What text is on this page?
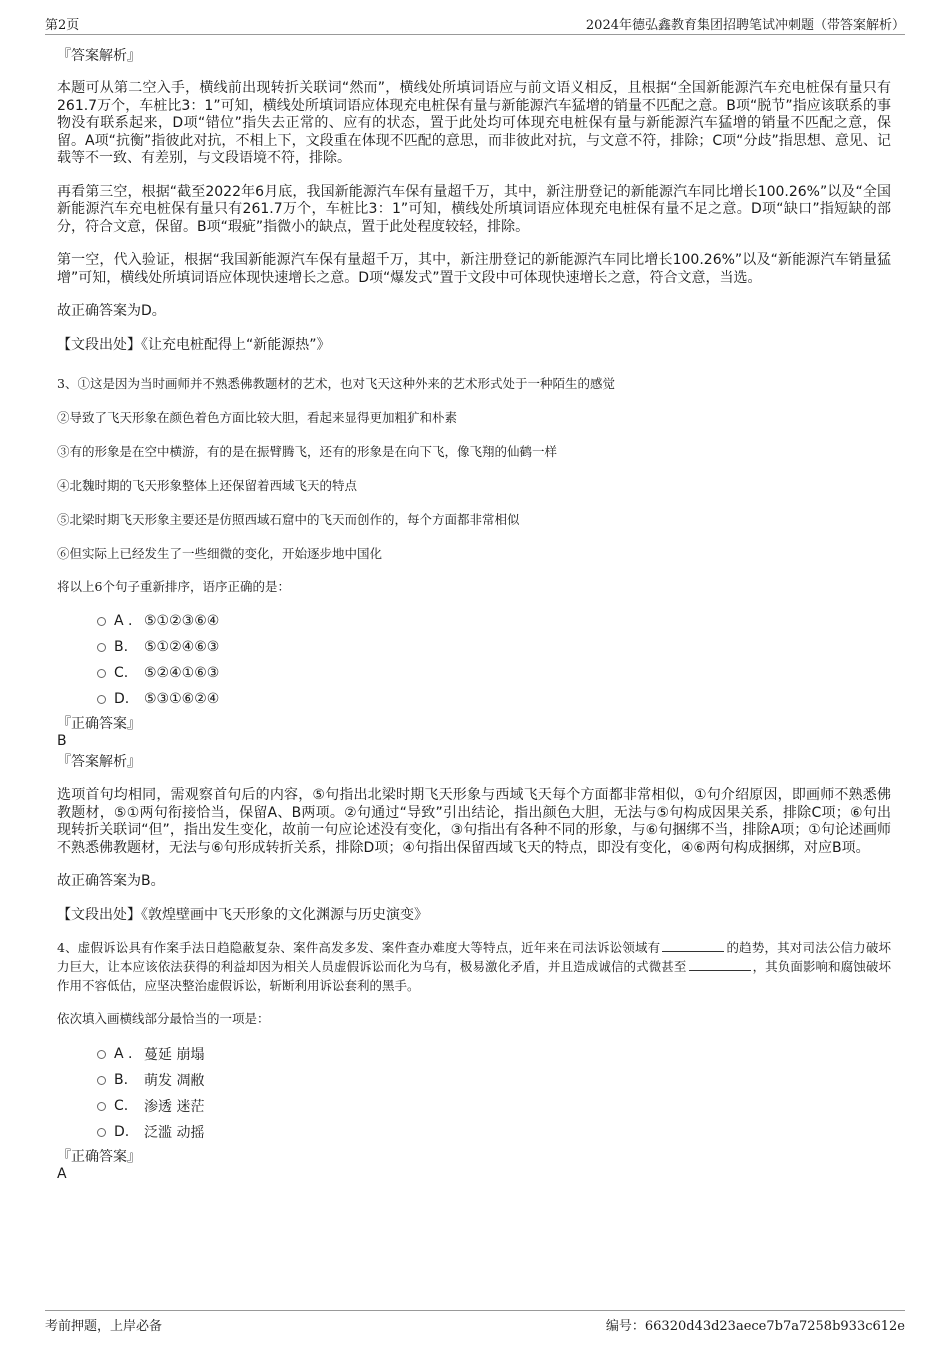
第2页	2024年德弘鑫教育集团招聘笔试冲刺题（带答案解析）

『答案解析』

本题可从第二空入手，横线前出现转折关联词“然而”，横线处所填词语应与前文语义相反，且根据“全国新能源汽车充电桩保有量只有261.7万个，车桩比3：1”可知，横线处所填词语应体现充电桩保有量与新能源汽车猛增的销量不匹配之意。B项“脱节”指应该联系的事物没有联系起来，D项“错位”指失去正常的、应有的状态，置于此处均可体现充电桩保有量与新能源汽车猛增的销量不匹配之意，保留。A项“抗衡”指彼此对抗，不相上下，文段重在体现不匹配的意思，而非彼此对抗，与文意不符，排除；C项“分歧”指思想、意见、记载等不一致、有差别，与文段语境不符，排除。

再看第三空，根据“截至2022年6月底，我国新能源汽车保有量超千万，其中，新注册登记的新能源汽车同比增长100.26%”以及“全国新能源汽车充电桩保有量只有261.7万个，车桩比3：1”可知，横线处所填词语应体现充电桩保有量不足之意。D项“缺口”指短缺的部分，符合文意，保留。B项“瑕疵”指微小的缺点，置于此处程度较轻，排除。

第一空，代入验证，根据“我国新能源汽车保有量超千万，其中，新注册登记的新能源汽车同比增长100.26%”以及“新能源汽车销量猛增”可知，横线处所填词语应体现快速增长之意。D项“爆发式”置于文段中可体现快速增长之意，符合文意，当选。

故正确答案为D。

【文段出处】《让充电桩配得上“新能源热”》

3、①这是因为当时画师并不熟悉佛教题材的艺术，也对飞天这种外来的艺术形式处于一种陌生的感觉

②导致了飞天形象在颜色着色方面比较大胆，看起来显得更加粗犷和朴素

③有的形象是在空中横游，有的是在振臂腾飞，还有的形象是在向下飞，像飞翔的仙鹤一样

④北魏时期的飞天形象整体上还保留着西域飞天的特点

⑤北梁时期飞天形象主要还是仿照西域石窟中的飞天而创作的，每个方面都非常相似

⑥但实际上已经发生了一些细微的变化，开始逐步地中国化

将以上6个句子重新排序，语序正确的是：

A . ⑤①②③⑥④
B.	⑤①②④⑥③
C.	⑤②④①⑥③
D.	⑤③①⑥②④

『正确答案』

B

『答案解析』

选项首句均相同，需观察首句后的内容，⑤句指出北梁时期飞天形象与西域飞天每个方面都非常相似，①句介绍原因，即画师不熟悉佛教题材，⑤①两句衔接恰当，保留A、B两项。②句通过“导致”引出结论，指出颜色大胆，无法与⑤句构成因果关系，排除C项；⑥句出现转折关联词“但”，指出发生变化，故前一句应论述没有变化，③句指出有各种不同的形象，与⑥句捆绑不当，排除A项；①句论述画师不熟悉佛教题材，无法与⑥句形成转折关系，排除D项；④句指出保留西域飞天的特点，即没有变化，④⑥两句构成捆绑，对应B项。

故正确答案为B。

【文段出处】《敦煌壁画中飞天形象的文化渊源与历史演变》

4、虚假诉讼具有作案手法日趋隐蔽复杂、案件高发多发、案件查办难度大等特点，近年来在司法诉讼领域有	的趋势，其对司法公信力破坏力巨大，让本应该依法获得的利益却因为相关人员虚假诉讼而化为乌有，极易激化矛盾，并且造成诚信的式微甚至	，其负面影响和腐蚀破坏作用不容低估，应坚决整治虚假诉讼，斩断利用诉讼套利的黑手。

依次填入画横线部分最恰当的一项是：

A . 蔓延 崩塌
B.	萌发 凋敝
C.	渗透 迷茫
D.	泛滥 动摇

『正确答案』

A

考前押题，上岸必备	编号：66320d43d23aece7b7a7258b933c612e
